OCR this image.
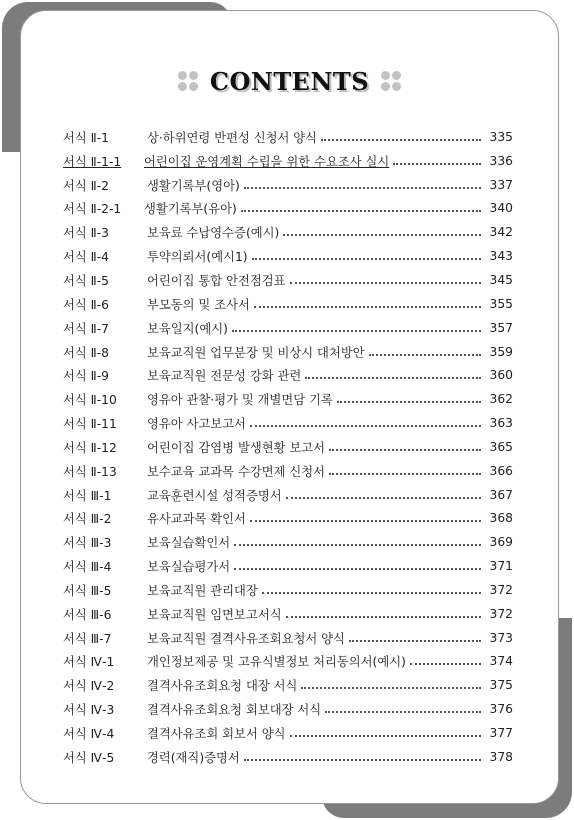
CONTENTS
서식 Ⅱ-1	상·하위연령 반편성 신청서 양식	335
서식 Ⅱ-1-1	어린이집 운영계획 수립을 위한 수요조사 실시	336
서식 Ⅱ-2	생활기록부(영아)	337
서식 Ⅱ-2-1	생활기록부(유아)	340
서식 Ⅱ-3	보육료 수납영수증(예시)	342
서식 Ⅱ-4	투약의뢰서(예시1)	343
서식 Ⅱ-5	어린이집 통합 안전점검표	345
서식 Ⅱ-6	부모동의 및 조사서	355
서식 Ⅱ-7	보육일지(예시)	357
서식 Ⅱ-8	보육교직원 업무분장 및 비상시 대처방안	359
서식 Ⅱ-9	보육교직원 전문성 강화 관련	360
서식 Ⅱ-10	영유아 관찰·평가 및 개별면담 기록	362
서식 Ⅱ-11	영유아 사고보고서	363
서식 Ⅱ-12	어린이집 감염병 발생현황 보고서	365
서식 Ⅱ-13	보수교육 교과목 수강면제 신청서	366
서식 Ⅲ-1	교육훈련시설 성적증명서	367
서식 Ⅲ-2	유사교과목 확인서	368
서식 Ⅲ-3	보육실습확인서	369
서식 Ⅲ-4	보육실습평가서	371
서식 Ⅲ-5	보육교직원 관리대장	372
서식 Ⅲ-6	보육교직원 임면보고서식	372
서식 Ⅲ-7	보육교직원 결격사유조회요청서 양식	373
서식 Ⅳ-1	개인정보제공 및 고유식별정보 처리동의서(예시)	374
서식 Ⅳ-2	결격사유조회요청 대장 서식	375
서식 Ⅳ-3	결격사유조회요청 회보대장 서식	376
서식 Ⅳ-4	결격사유조회 회보서 양식	377
서식 Ⅳ-5	경력(재직)증명서	378
